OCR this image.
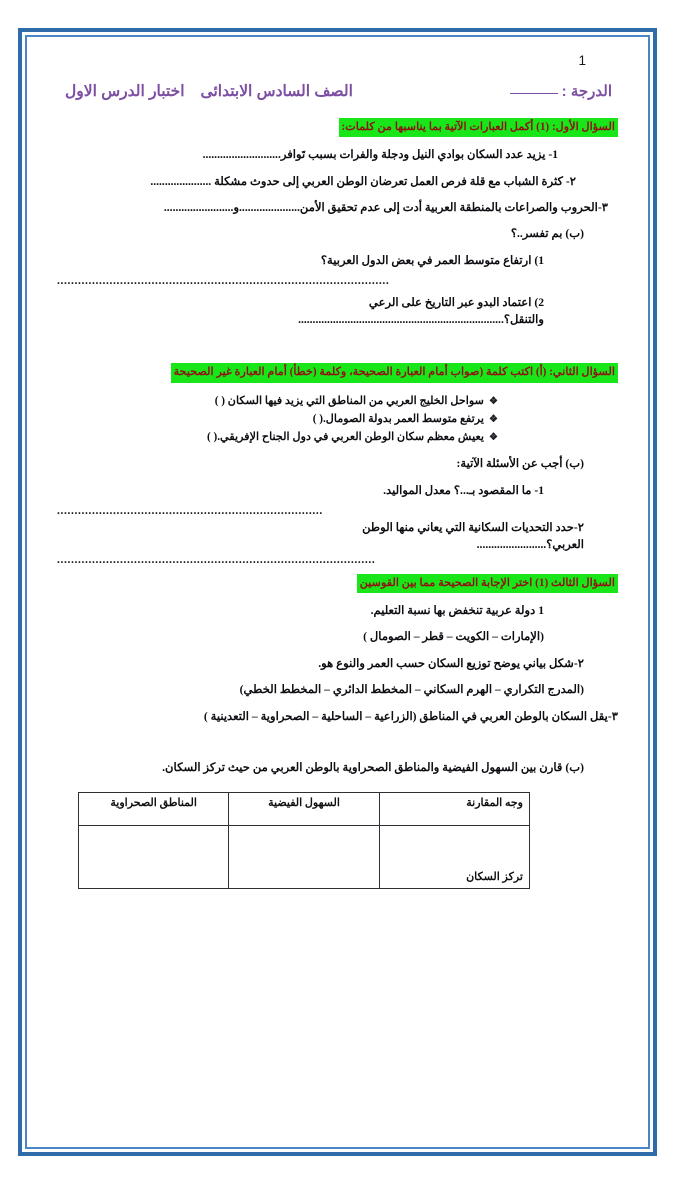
1
الدرجة :
الصف السادس الابتدائىاختبار الدرس الاول
السؤال الأول: (1) أكمل العبارات الآتية بما يناسبها من كلمات:
1- يزيد عدد السكان بوادي النيل ودجلة والفرات بسبب تَوافر...........................
٢- كثرة الشباب مع قلة فرص العمل تعرضان الوطن العربي إلى حدوث مشكلة .....................
٣-الحروب والصراعات بالمنطقة العربية أدت إلى عدم تحقيق الأمن.....................و........................
(ب) بم تفسر..؟
1) ارتفاع متوسط العمر في بعض الدول العربية؟
...............................................................................................
2) اعتماد البدو عبر التاريخ على الرعي
والتنقل؟.......................................................................
السؤال الثاني: (أ) اكتب كلمة (صواب أمام العبارة الصحيحة، وكلمة (خطأ) أمام العبارة غير الصحيحة
❖سواحل الخليج العربي من المناطق التي يزيد فيها السكان ( )
❖يرتفع متوسط العمر بدولة الصومال.( )
❖يعيش معظم سكان الوطن العربي في دول الجناح الإفريقي.( )
(ب) أجب عن الأسئلة الآتية:
1- ما المقصود بـ...؟ معدل المواليد.
............................................................................
٢-حدد التحديات السكانية التي يعاني منها الوطن
العربي؟........................
...........................................................................................
السؤال الثالث (1) اختر الإجابة الصحيحة مما بين القوسين
1 دولة عربية تنخفض بها نسبة التعليم.
(الإمارات – الكويت – قطر – الصومال )
٢-شكل بياني يوضح توزيع السكان حسب العمر والنوع هو.
(المدرج التكراري – الهرم السكاني – المخطط الدائري – المخطط الخطي)
٣-يقل السكان بالوطن العربي في المناطق (الزراعية – الساحلية – الصحراوية – التعدينية )
(ب) قارن بين السهول الفيضية والمناطق الصحراوية بالوطن العربي من حيث تركز السكان.
وجه المقارنة	السهول الفيضية	المناطق الصحراوية
تركز السكان		
